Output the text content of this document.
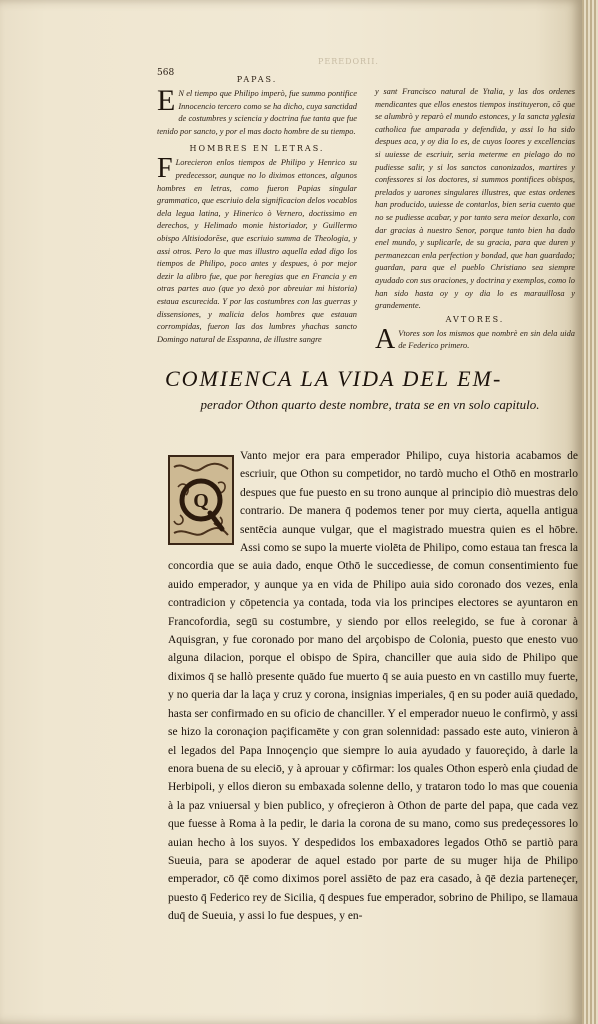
PEREDORII.
568

PAPAS.

E N el tiempo que Philipo imperò, fue summo pontifice Innocencio tercero como se ha dicho, cuya sanctidad de costumbres y sciencia y doctrina fue tanta que fue tenido por sancto, y por el mas docto hombre de su tiempo.

HOMBRES EN LETRAS.

F Lorecieron enlos tiempos de Philipo y Henrico su predecessor, aunque no lo diximos ettonces, algunos hombres en letras, como fueron Papias singular grammatico, que escriuio dela significacion delos vocablos dela legua latina, y Hinerico ò Vernero, doctissimo en derechos, y Helimado monie historiador, y Guillermo obispo Altisiodorēse, que escriuio summa de Theologia, y assi otros. Pero lo que mas illustro aquella edad digo los tiempos de Philipo, poco antes y despues, ò por mejor dezir la alibro fue, que por heregias que en Francia y en otras partes auo (que yo dexò por abreuiar mi historia) estaua escurecida. Y por las costumbres con las guerras y dissensiones, y malicia delos hombres que estauan corrompidas, fueron las dos lumbres yhachas sancto Domingo natural de Esspanna, de illustre sangre

y sant Francisco natural de Ytalia, y las dos ordenes mendicantes que ellos enestos tiempos instituyeron, cō que se alumbrò y reparò el mundo estonces, y la sancta yglesia catholica fue amparada y defendida, y assi lo ha sido despues aca, y oy dia lo es, de cuyos loores y excellencias si uuiesse de escriuir, seria meterme en pielago do no pudiesse salir, y si los sanctos canonizados, martires y confessores si los doctores, si summos pontifices obispos, prelados y uarones singulares illustres, que estas ordenes han producido, uuiesse de contarlos, bien seria cuento que no se pudiesse acabar, y por tanto sera meior dexarlo, con dar gracias à nuestro Senor, porque tanto bien ha dado enel mundo, y suplicarle, de su gracia, para que duren y permanezcan enla perfection y bondad, que han guardado; guardan, para que el pueblo Christiano sea siempre ayudado con sus oraciones, y doctrina y exemplos, como lo han sido hasta oy y oy dia lo es marauillosa y grandemente.

AVTORES.

A Vtores son los mismos que nombrè en sin dela uida de Federico primero.

COMIENCA LA VIDA DEL EM-

perador Othon quarto deste nombre, trata se en vn solo capitulo.

Vanto mejor era para emperador Philipo, cuya historia acabamos de escriuir, que Othon su competidor, no tardò mucho el Othō en mostrarlo despues que fue puesto en su trono aunque al principio diò muestras delo contrario. De manera q̄ podemos tener por muy cierta, aquella antigua sentēcia aunque vulgar, que el magistrado muestra quien es el hōbre. Assi como se supo la muerte violēta de Philipo, como estaua tan fresca la concordia que se auia dado, enque Othō le succediesse, de comun consentimiento fue auido emperador, y aunque ya en vida de Philipo auia sido coronado dos vezes, enla contradicion y cōpetencia ya contada, toda via los principes electores se ayuntaron en Francofordia, segū su costumbre, y siendo por ellos reelegido, se fue à coronar à Aquisgran, y fue coronado por mano del arçobispo de Colonia, puesto que enesto vuo alguna dilacion, porque el obispo de Spira, chanciller que auia sido de Philipo que diximos q̄ se hallò presente quādo fue muerto q̄ se auia puesto en vn castillo muy fuerte, y no queria dar la laça y cruz y corona, insignias imperiales, q̄ en su poder auiā quedado, hasta ser confirmado en su oficio de chanciller. Y el emperador nueuo le confirmò, y assi se hizo la coronaçion paçificamēte y con gran solennidad: passado este auto, vinieron à el legados del Papa Innoçençio que siempre lo auia ayudado y fauoreçido, à darle la enora buena de su eleciō, y à aprouar y cōfirmar: los quales Othon esperò enla çiudad de Herbipoli, y ellos dieron su embaxada solenne dello, y trataron todo lo mas que couenia à la paz vniuersal y bien publico, y ofreçieron à Othon de parte del papa, que cada vez que fuesse à Roma à la pedir, le daria la corona de su mano, como sus predeçessores lo auian hecho à los suyos. Y despedidos los embaxadores legados Othō se partiò para Sueuia, para se apoderar de aquel estado por parte de su muger hija de Philipo emperador, cō q̄ē como diximos porel assiēto de paz era casado, à q̄ē dezia parteneçer, puesto q̄ Federico rey de Sicilia, q̄ despues fue emperador, sobrino de Philipo, se llamaua duq̄ de Sueuia, y assi lo fue despues, y en-

Q
